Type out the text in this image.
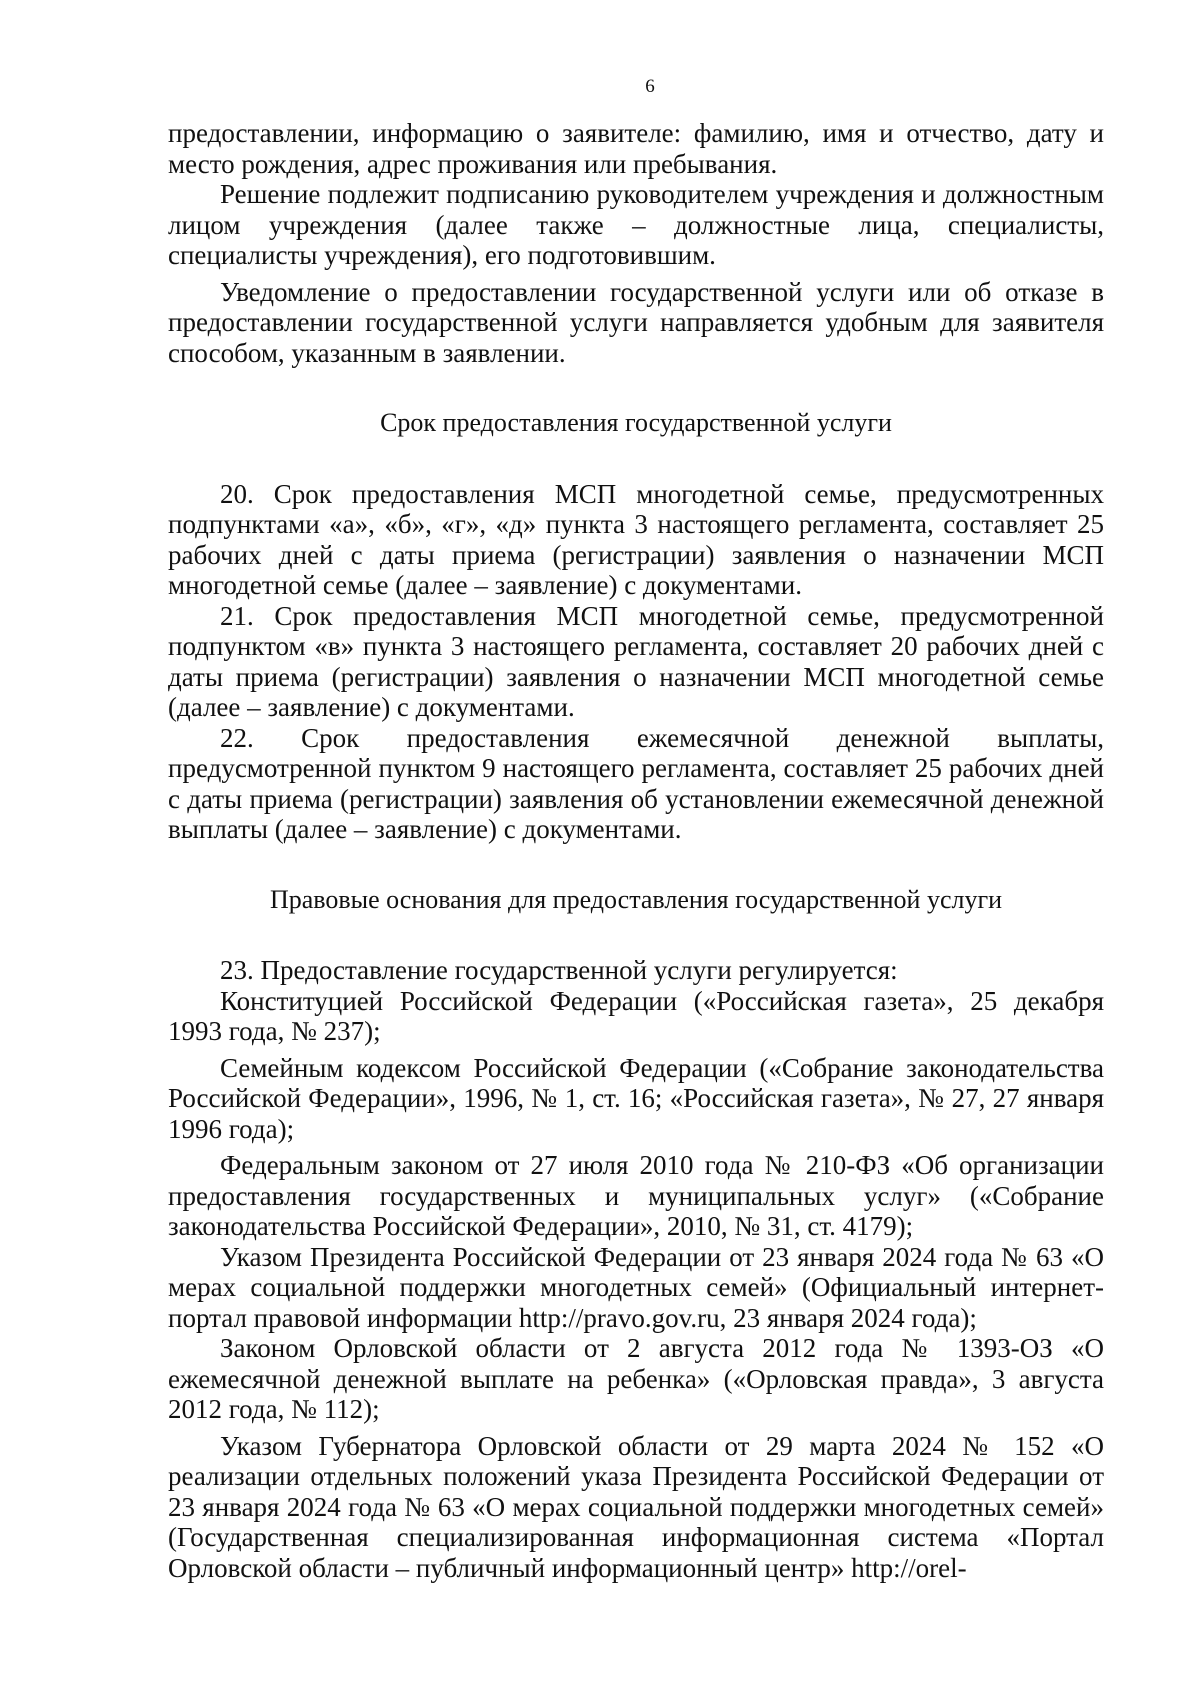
6

предоставлении, информацию о заявителе: фамилию, имя и отчество, дату и место рождения, адрес проживания или пребывания.

Решение подлежит подписанию руководителем учреждения и должностным лицом учреждения (далее также – должностные лица, специалисты, специалисты учреждения), его подготовившим.

Уведомление о предоставлении государственной услуги или об отказе в предоставлении государственной услуги направляется удобным для заявителя способом, указанным в заявлении.

Срок предоставления государственной услуги

20. Срок предоставления МСП многодетной семье, предусмотренных подпунктами «а», «б», «г», «д» пункта 3 настоящего регламента, составляет 25 рабочих дней с даты приема (регистрации) заявления о назначении МСП многодетной семье (далее – заявление) с документами.

21. Срок предоставления МСП многодетной семье, предусмотренной подпунктом «в» пункта 3 настоящего регламента, составляет 20 рабочих дней с даты приема (регистрации) заявления о назначении МСП многодетной семье (далее – заявление) с документами.

22. Срок предоставления ежемесячной денежной выплаты, предусмотренной пунктом 9 настоящего регламента, составляет 25 рабочих дней с даты приема (регистрации) заявления об установлении ежемесячной денежной выплаты (далее – заявление) с документами.

Правовые основания для предоставления государственной услуги

23. Предоставление государственной услуги регулируется:

Конституцией Российской Федерации («Российская газета», 25 декабря 1993 года, № 237);

Семейным кодексом Российской Федерации («Собрание законодательства Российской Федерации», 1996, № 1, ст. 16; «Российская газета», № 27, 27 января 1996 года);

Федеральным законом от 27 июля 2010 года № 210-ФЗ «Об организации предоставления государственных и муниципальных услуг» («Собрание законодательства Российской Федерации», 2010, № 31, ст. 4179);

Указом Президента Российской Федерации от 23 января 2024 года № 63 «О мерах социальной поддержки многодетных семей» (Официальный интернет-портал правовой информации http://pravo.gov.ru, 23 января 2024 года);

Законом Орловской области от 2 августа 2012 года № 1393-ОЗ «О ежемесячной денежной выплате на ребенка» («Орловская правда», 3 августа 2012 года, № 112);

Указом Губернатора Орловской области от 29 марта 2024 № 152 «О реализации отдельных положений указа Президента Российской Федерации от 23 января 2024 года № 63 «О мерах социальной поддержки многодетных семей» (Государственная специализированная информационная система «Портал Орловской области – публичный информационный центр» http://orel-
